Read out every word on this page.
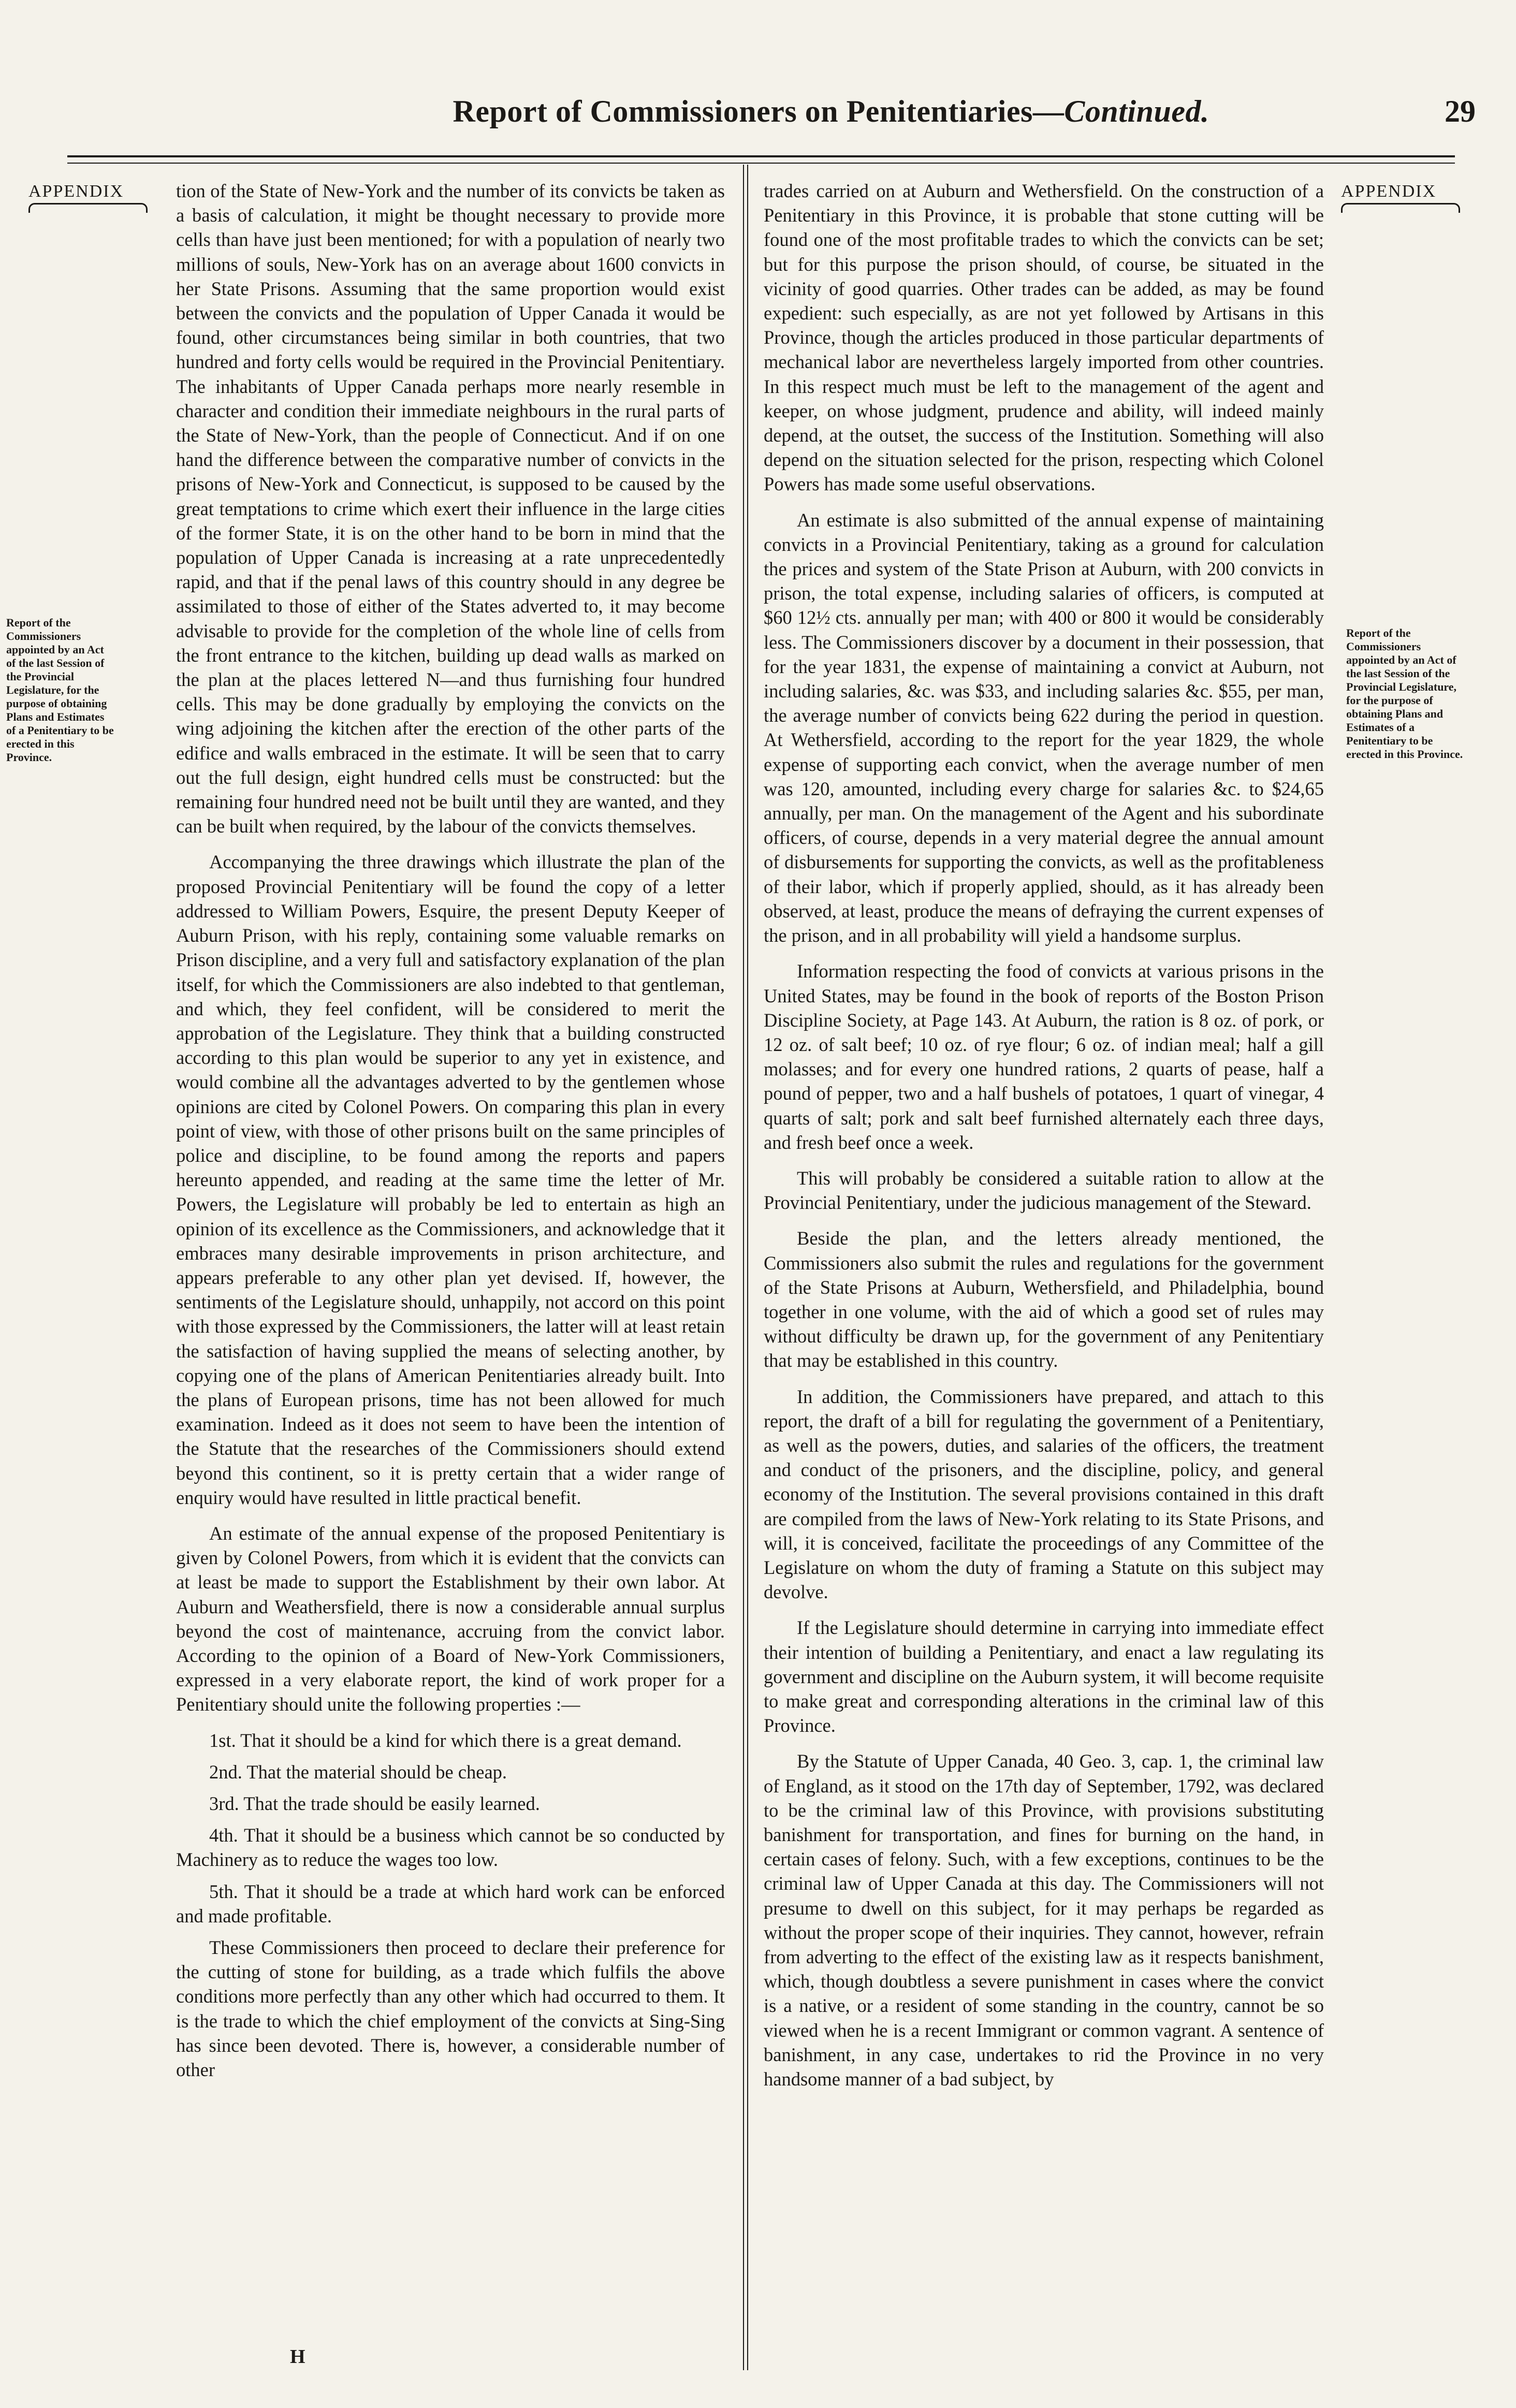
Report of Commissioners on Penitentiaries—Continued.	29
APPENDIX	APPENDIX
Report of the Commissioners appointed by an Act of the last Session of the Provincial Legislature, for the purpose of obtaining Plans and Estimates of a Penitentiary to be erected in this Province.
Report of the Commissioners appointed by an Act of the last Session of the Provincial Legislature, for the purpose of obtaining Plans and Estimates of a Penitentiary to be erected in this Province.

tion of the State of New-York and the number of its convicts be taken as a basis of calculation, it might be thought necessary to provide more cells than have just been mentioned; for with a population of nearly two millions of souls, New-York has on an average about 1600 convicts in her State Prisons. Assuming that the same proportion would exist between the convicts and the population of Upper Canada it would be found, other circumstances being similar in both countries, that two hundred and forty cells would be required in the Provincial Penitentiary. The inhabitants of Upper Canada perhaps more nearly resemble in character and condition their immediate neighbours in the rural parts of the State of New-York, than the people of Connecticut. And if on one hand the difference between the comparative number of convicts in the prisons of New-York and Connecticut, is supposed to be caused by the great temptations to crime which exert their influence in the large cities of the former State, it is on the other hand to be born in mind that the population of Upper Canada is increasing at a rate unprecedentedly rapid, and that if the penal laws of this country should in any degree be assimilated to those of either of the States adverted to, it may become advisable to provide for the completion of the whole line of cells from the front entrance to the kitchen, building up dead walls as marked on the plan at the places lettered N—and thus furnishing four hundred cells. This may be done gradually by employing the convicts on the wing adjoining the kitchen after the erection of the other parts of the edifice and walls embraced in the estimate. It will be seen that to carry out the full design, eight hundred cells must be constructed: but the remaining four hundred need not be built until they are wanted, and they can be built when required, by the labour of the convicts themselves.

Accompanying the three drawings which illustrate the plan of the proposed Provincial Penitentiary will be found the copy of a letter addressed to William Powers, Esquire, the present Deputy Keeper of Auburn Prison, with his reply, containing some valuable remarks on Prison discipline, and a very full and satisfactory explanation of the plan itself, for which the Commissioners are also indebted to that gentleman, and which, they feel confident, will be considered to merit the approbation of the Legislature. They think that a building constructed according to this plan would be superior to any yet in existence, and would combine all the advantages adverted to by the gentlemen whose opinions are cited by Colonel Powers. On comparing this plan in every point of view, with those of other prisons built on the same principles of police and discipline, to be found among the reports and papers hereunto appended, and reading at the same time the letter of Mr. Powers, the Legislature will probably be led to entertain as high an opinion of its excellence as the Commissioners, and acknowledge that it embraces many desirable improvements in prison architecture, and appears preferable to any other plan yet devised. If, however, the sentiments of the Legislature should, unhappily, not accord on this point with those expressed by the Commissioners, the latter will at least retain the satisfaction of having supplied the means of selecting another, by copying one of the plans of American Penitentiaries already built. Into the plans of European prisons, time has not been allowed for much examination. Indeed as it does not seem to have been the intention of the Statute that the researches of the Commissioners should extend beyond this continent, so it is pretty certain that a wider range of enquiry would have resulted in little practical benefit.

An estimate of the annual expense of the proposed Penitentiary is given by Colonel Powers, from which it is evident that the convicts can at least be made to support the Establishment by their own labor. At Auburn and Weathersfield, there is now a considerable annual surplus beyond the cost of maintenance, accruing from the convict labor. According to the opinion of a Board of New-York Commissioners, expressed in a very elaborate report, the kind of work proper for a Penitentiary should unite the following properties :—

1st. That it should be a kind for which there is a great demand.

2nd. That the material should be cheap.

3rd. That the trade should be easily learned.

4th. That it should be a business which cannot be so conducted by Machinery as to reduce the wages too low.

5th. That it should be a trade at which hard work can be enforced and made profitable.

These Commissioners then proceed to declare their preference for the cutting of stone for building, as a trade which fulfils the above conditions more perfectly than any other which had occurred to them. It is the trade to which the chief employment of the convicts at Sing-Sing has since been devoted. There is, however, a considerable number of other

trades carried on at Auburn and Wethersfield. On the construction of a Penitentiary in this Province, it is probable that stone cutting will be found one of the most profitable trades to which the convicts can be set; but for this purpose the prison should, of course, be situated in the vicinity of good quarries. Other trades can be added, as may be found expedient: such especially, as are not yet followed by Artisans in this Province, though the articles produced in those particular departments of mechanical labor are nevertheless largely imported from other countries. In this respect much must be left to the management of the agent and keeper, on whose judgment, prudence and ability, will indeed mainly depend, at the outset, the success of the Institution. Something will also depend on the situation selected for the prison, respecting which Colonel Powers has made some useful observations.

An estimate is also submitted of the annual expense of maintaining convicts in a Provincial Penitentiary, taking as a ground for calculation the prices and system of the State Prison at Auburn, with 200 convicts in prison, the total expense, including salaries of officers, is computed at $60 12½ cts. annually per man; with 400 or 800 it would be considerably less. The Commissioners discover by a document in their possession, that for the year 1831, the expense of maintaining a convict at Auburn, not including salaries, &c. was $33, and including salaries &c. $55, per man, the average number of convicts being 622 during the period in question. At Wethersfield, according to the report for the year 1829, the whole expense of supporting each convict, when the average number of men was 120, amounted, including every charge for salaries &c. to $24,65 annually, per man. On the management of the Agent and his subordinate officers, of course, depends in a very material degree the annual amount of disbursements for supporting the convicts, as well as the profitableness of their labor, which if properly applied, should, as it has already been observed, at least, produce the means of defraying the current expenses of the prison, and in all probability will yield a handsome surplus.

Information respecting the food of convicts at various prisons in the United States, may be found in the book of reports of the Boston Prison Discipline Society, at Page 143. At Auburn, the ration is 8 oz. of pork, or 12 oz. of salt beef; 10 oz. of rye flour; 6 oz. of indian meal; half a gill molasses; and for every one hundred rations, 2 quarts of pease, half a pound of pepper, two and a half bushels of potatoes, 1 quart of vinegar, 4 quarts of salt; pork and salt beef furnished alternately each three days, and fresh beef once a week.

This will probably be considered a suitable ration to allow at the Provincial Penitentiary, under the judicious management of the Steward.

Beside the plan, and the letters already mentioned, the Commissioners also submit the rules and regulations for the government of the State Prisons at Auburn, Wethersfield, and Philadelphia, bound together in one volume, with the aid of which a good set of rules may without difficulty be drawn up, for the government of any Penitentiary that may be established in this country.

In addition, the Commissioners have prepared, and attach to this report, the draft of a bill for regulating the government of a Penitentiary, as well as the powers, duties, and salaries of the officers, the treatment and conduct of the prisoners, and the discipline, policy, and general economy of the Institution. The several provisions contained in this draft are compiled from the laws of New-York relating to its State Prisons, and will, it is conceived, facilitate the proceedings of any Committee of the Legislature on whom the duty of framing a Statute on this subject may devolve.

If the Legislature should determine in carrying into immediate effect their intention of building a Penitentiary, and enact a law regulating its government and discipline on the Auburn system, it will become requisite to make great and corresponding alterations in the criminal law of this Province.

By the Statute of Upper Canada, 40 Geo. 3, cap. 1, the criminal law of England, as it stood on the 17th day of September, 1792, was declared to be the criminal law of this Province, with provisions substituting banishment for transportation, and fines for burning on the hand, in certain cases of felony. Such, with a few exceptions, continues to be the criminal law of Upper Canada at this day. The Commissioners will not presume to dwell on this subject, for it may perhaps be regarded as without the proper scope of their inquiries. They cannot, however, refrain from adverting to the effect of the existing law as it respects banishment, which, though doubtless a severe punishment in cases where the convict is a native, or a resident of some standing in the country, cannot be so viewed when he is a recent Immigrant or common vagrant. A sentence of banishment, in any case, undertakes to rid the Province in no very handsome manner of a bad subject, by

H
